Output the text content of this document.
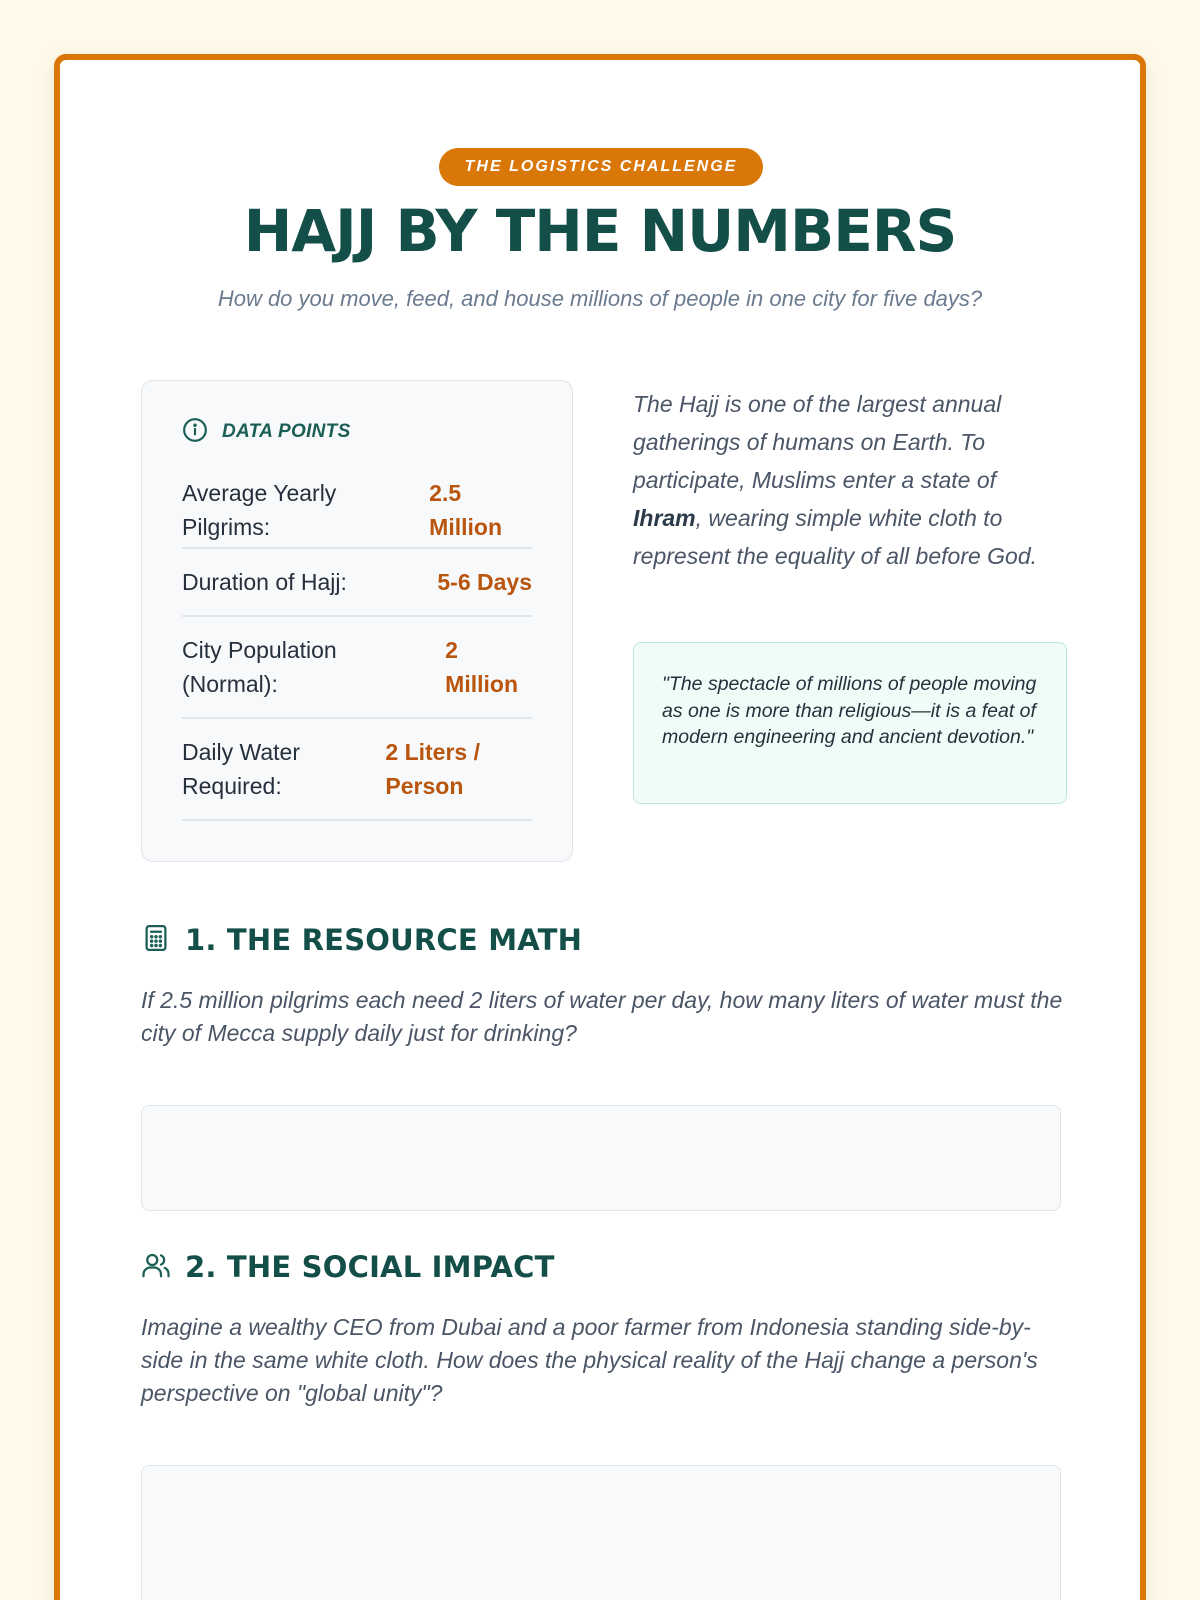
THE LOGISTICS CHALLENGE
HAJJ BY THE NUMBERS

How do you move, feed, and house millions of people in one city for five days?

DATA POINTS
Average Yearly
Pilgrims:
2.5
Million
Duration of Hajj:	5-6 Days
City Population
(Normal):
2
Million
Daily Water
Required:
2 Liters /
Person

The Hajj is one of the largest annual gatherings of humans on Earth. To participate, Muslims enter a state of Ihram, wearing simple white cloth to represent the equality of all before God.

"The spectacle of millions of people moving as one is more than religious—it is a feat of modern engineering and ancient devotion."
1. THE RESOURCE MATH

If 2.5 million pilgrims each need 2 liters of water per day, how many liters of water must the city of Mecca supply daily just for drinking?

2. THE SOCIAL IMPACT

Imagine a wealthy CEO from Dubai and a poor farmer from Indonesia standing side-by-side in the same white cloth. How does the physical reality of the Hajj change a person's perspective on "global unity"?
